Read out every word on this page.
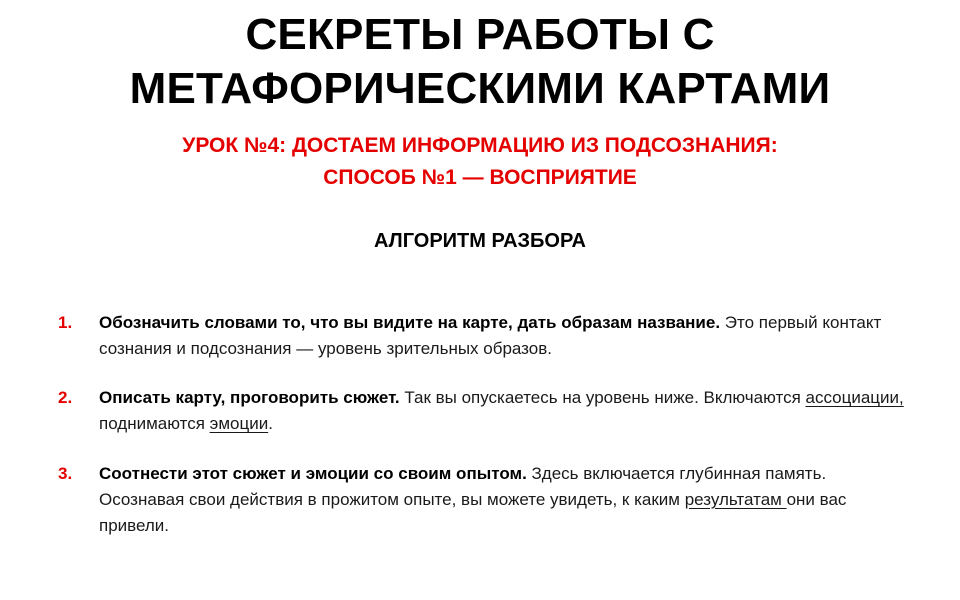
СЕКРЕТЫ РАБОТЫ С
МЕТАФОРИЧЕСКИМИ КАРТАМИ
УРОК №4: ДОСТАЕМ ИНФОРМАЦИЮ ИЗ ПОДСОЗНАНИЯ:
СПОСОБ №1 — ВОСПРИЯТИЕ
АЛГОРИТМ РАЗБОРА
1.	Обозначить словами то, что вы видите на карте, дать образам название. Это первый контакт сознания и подсознания — уровень зрительных образов.
2.	Описать карту, проговорить сюжет. Так вы опускаетесь на уровень ниже. Включаются ассоциации, поднимаются эмоции.
3.	Соотнести этот сюжет и эмоции со своим опытом. Здесь включается глубинная память. Осознавая свои действия в прожитом опыте, вы можете увидеть, к каким результатам они вас привели.
